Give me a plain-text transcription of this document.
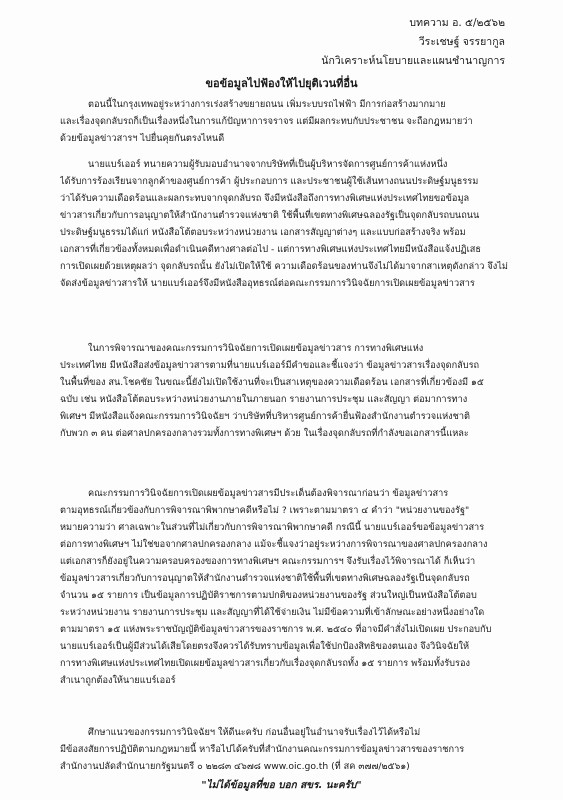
บทความ อ. ๕/๒๕๖๒
วีระเชษฐ์ จรรยากูล
นักวิเคราะห์นโยบายและแผนชำนาญการ
ขอข้อมูลไปฟ้องให้ไปยุติเวนที่อื่น
ตอนนี้ในกรุงเทพอยู่ระหว่างการเร่งสร้างขยายถนน เพิ่มระบบรถไฟฟ้า มีการก่อสร้างมากมาย
และเรื่องจุดกลับรถก็เป็นเรื่องหนึ่งในการแก้ปัญหาการจราจร แต่มีผลกระทบกับประชาชน จะถือกฎหมายว่า
ด้วยข้อมูลข่าวสารฯ ไปยื่นคุยกันตรงไหนดี
นายแบร์เออร์ ทนายความผู้รับมอบอำนาจจากบริษัทที่เป็นผู้บริหารจัดการศูนย์การค้าแห่งหนึ่ง
ได้รับการร้องเรียนจากลูกค้าของศูนย์การค้า ผู้ประกอบการ และประชาชนผู้ใช้เส้นทางถนนประดิษฐ์มนูธรรม
ว่าได้รับความเดือดร้อนและผลกระทบจากจุดกลับรถ จึงมีหนังสือถึงการทางพิเศษแห่งประเทศไทยขอข้อมูล
ข่าวสารเกี่ยวกับการอนุญาตให้สำนักงานตำรวจแห่งชาติ ใช้พื้นที่เขตทางพิเศษฉลองรัฐเป็นจุดกลับรถบนถนน
ประดิษฐ์มนูธรรมได้แก่ หนังสือโต้ตอบระหว่างหน่วยงาน เอกสารสัญญาต่างๆ และแบบก่อสร้างจริง พร้อม
เอกสารที่เกี่ยวข้องทั้งหมดเพื่อดำเนินคดีทางศาลต่อไป - แต่การทางพิเศษแห่งประเทศไทยมีหนังสือแจ้งปฏิเสธ
การเปิดเผยด้วยเหตุผลว่า จุดกลับรถนั้น ยังไม่เปิดให้ใช้ ความเดือดร้อนของท่านจึงไม่ได้มาจากสาเหตุดังกล่าว จึงไม่
จัดส่งข้อมูลข่าวสารให้ นายแบร์เออร์จึงมีหนังสืออุทธรณ์ต่อคณะกรรมการวินิจฉัยการเปิดเผยข้อมูลข่าวสาร
ในการพิจารณาของคณะกรรมการวินิจฉัยการเปิดเผยข้อมูลข่าวสาร การทางพิเศษแห่ง
ประเทศไทย มีหนังสือส่งข้อมูลข่าวสารตามที่นายแบร์เออร์มีคำขอและชี้แจงว่า ข้อมูลข่าวสารเรื่องจุดกลับรถ
ในพื้นที่ของ สน.โชคชัย ในขณะนี้ยังไม่เปิดใช้งานที่จะเป็นสาเหตุของความเดือดร้อน เอกสารที่เกี่ยวข้องมี ๑๕
ฉบับ เช่น หนังสือโต้ตอบระหว่างหน่วยงานภายในภายนอก รายงานการประชุม และสัญญา ต่อมาการทาง
พิเศษฯ มีหนังสือแจ้งคณะกรรมการวินิจฉัยฯ ว่าบริษัทที่บริหารศูนย์การค้ายื่นฟ้องสำนักงานตำรวจแห่งชาติ
กับพวก ๓ คน ต่อศาลปกครองกลางรวมทั้งการทางพิเศษฯ ด้วย ในเรื่องจุดกลับรถที่กำลังขอเอกสารนี้แหละ
คณะกรรมการวินิจฉัยการเปิดเผยข้อมูลข่าวสารมีประเด็นต้องพิจารณาก่อนว่า ข้อมูลข่าวสาร
ตามอุทธรณ์เกี่ยวข้องกับการพิจารณาพิพากษาคดีหรือไม่ ? เพราะตามมาตรา ๔ คำว่า "หน่วยงานของรัฐ"
หมายความว่า ศาลเฉพาะในส่วนที่ไม่เกี่ยวกับการพิจารณาพิพากษาคดี กรณีนี้ นายแบร์เออร์ขอข้อมูลข่าวสาร
ต่อการทางพิเศษฯ ไม่ใช่ขอจากศาลปกครองกลาง แม้จะชี้แจงว่าอยู่ระหว่างการพิจารณาของศาลปกครองกลาง
แต่เอกสารก็ยังอยู่ในความครอบครองของการทางพิเศษฯ คณะกรรมการฯ จึงรับเรื่องไว้พิจารณาได้ ก็เห็นว่า
ข้อมูลข่าวสารเกี่ยวกับการอนุญาตให้สำนักงานตำรวจแห่งชาติใช้พื้นที่เขตทางพิเศษฉลองรัฐเป็นจุดกลับรถ
จำนวน ๑๕ รายการ เป็นข้อมูลการปฏิบัติราชการตามปกติของหน่วยงานของรัฐ ส่วนใหญ่เป็นหนังสือโต้ตอบ
ระหว่างหน่วยงาน รายงานการประชุม และสัญญาที่ได้ใช้จ่ายเงิน ไม่มีข้อความที่เข้าลักษณะอย่างหนึ่งอย่างใด
ตามมาตรา ๑๕ แห่งพระราชบัญญัติข้อมูลข่าวสารของราชการ พ.ศ. ๒๕๔๐ ที่อาจมีคำสั่งไม่เปิดเผย ประกอบกับ
นายแบร์เออร์เป็นผู้มีส่วนได้เสียโดยตรงจึงควรได้รับทราบข้อมูลเพื่อใช้ปกป้องสิทธิของตนเอง จึงวินิจฉัยให้
การทางพิเศษแห่งประเทศไทยเปิดเผยข้อมูลข่าวสารเกี่ยวกับเรื่องจุดกลับรถทั้ง ๑๕ รายการ พร้อมทั้งรับรอง
สำเนาถูกต้องให้นายแบร์เออร์
ศึกษาแนวของกรรมการวินิจฉัยฯ ให้ดีนะครับ ก่อนอื่นอยู่ในอำนาจรับเรื่องไว้ได้หรือไม่
มีข้อสงสัยการปฏิบัติตามกฎหมายนี้ หารือไปได้ครับที่สำนักงานคณะกรรมการข้อมูลข่าวสารของราชการ
สำนักงานปลัดสำนักนายกรัฐมนตรี ๐ ๒๒๘๓ ๔๖๗๘ www.oic.go.th (ที่ สค ๓๗๗/๒๕๖๑)
"ไม่ได้ข้อมูลที่ขอ บอก สขร. นะครับ"
